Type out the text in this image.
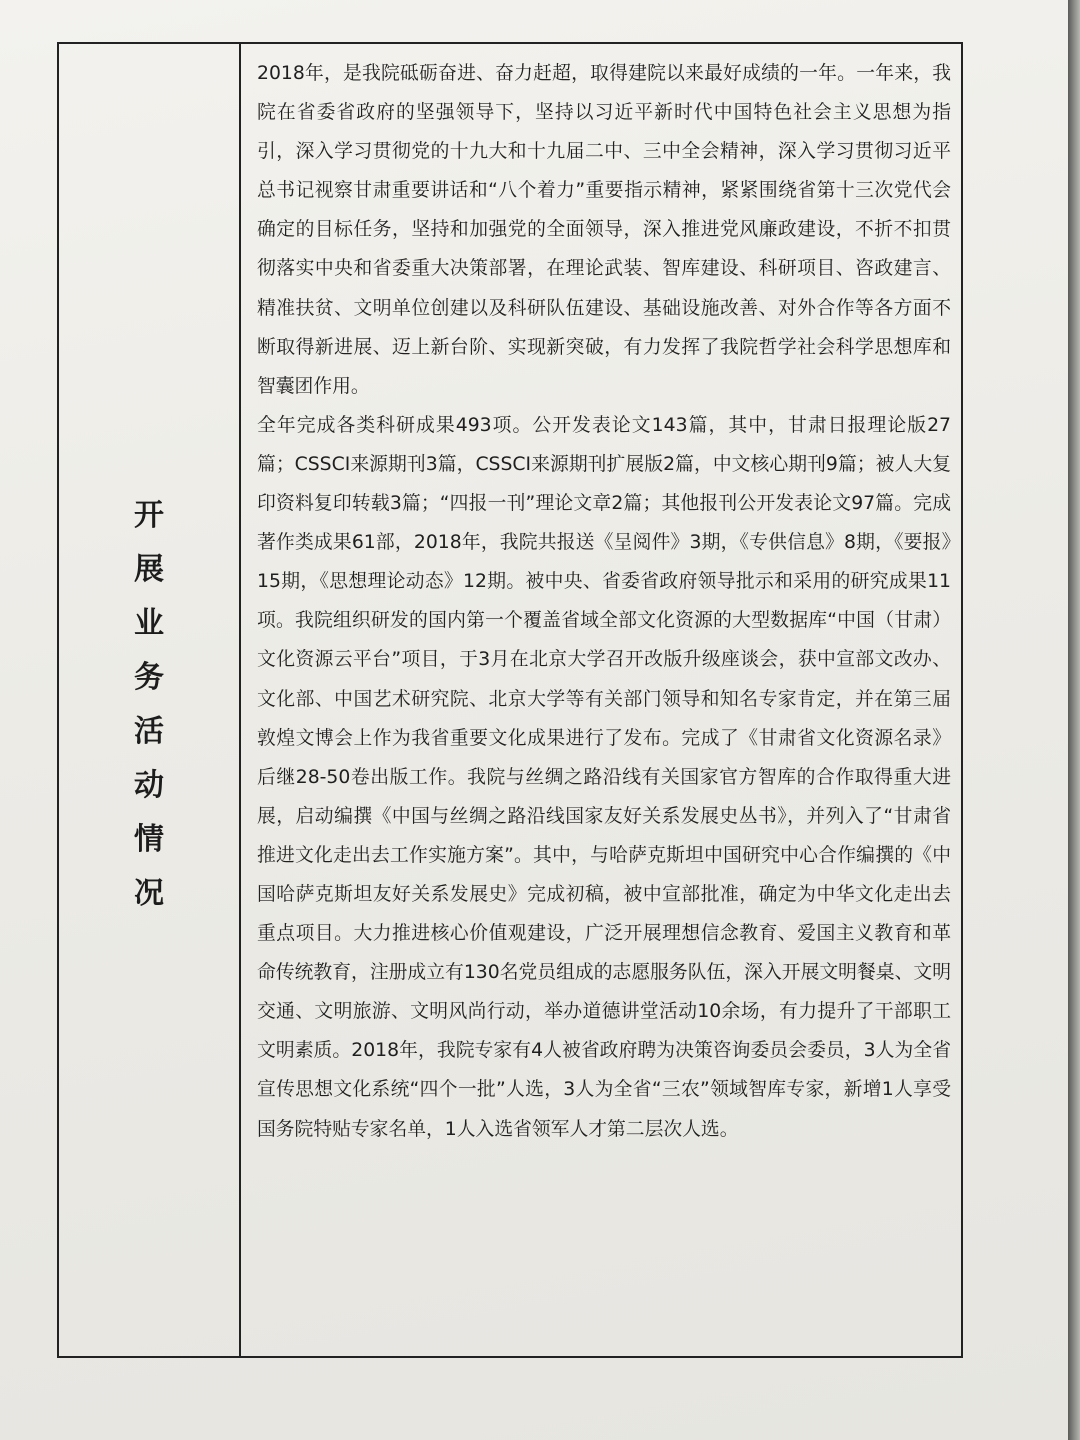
开
展
业
务
活
动
情
况

2018年，是我院砥砺奋进、奋力赶超，取得建院以来最好成绩的一年。一年来，我院在省委省政府的坚强领导下，坚持以习近平新时代中国特色社会主义思想为指引，深入学习贯彻党的十九大和十九届二中、三中全会精神，深入学习贯彻习近平总书记视察甘肃重要讲话和“八个着力”重要指示精神，紧紧围绕省第十三次党代会确定的目标任务，坚持和加强党的全面领导，深入推进党风廉政建设，不折不扣贯彻落实中央和省委重大决策部署，在理论武装、智库建设、科研项目、咨政建言、精准扶贫、文明单位创建以及科研队伍建设、基础设施改善、对外合作等各方面不断取得新进展、迈上新台阶、实现新突破，有力发挥了我院哲学社会科学思想库和智囊团作用。

全年完成各类科研成果493项。公开发表论文143篇，其中，甘肃日报理论版27篇；CSSCI来源期刊3篇，CSSCI来源期刊扩展版2篇，中文核心期刊9篇；被人大复印资料复印转载3篇；“四报一刊”理论文章2篇；其他报刊公开发表论文97篇。完成著作类成果61部，2018年，我院共报送《呈阅件》3期，《专供信息》8期，《要报》15期，《思想理论动态》12期。被中央、省委省政府领导批示和采用的研究成果11项。我院组织研发的国内第一个覆盖省域全部文化资源的大型数据库“中国（甘肃）文化资源云平台”项目，于3月在北京大学召开改版升级座谈会，获中宣部文改办、文化部、中国艺术研究院、北京大学等有关部门领导和知名专家肯定，并在第三届敦煌文博会上作为我省重要文化成果进行了发布。完成了《甘肃省文化资源名录》后继28-50卷出版工作。我院与丝绸之路沿线有关国家官方智库的合作取得重大进展，启动编撰《中国与丝绸之路沿线国家友好关系发展史丛书》，并列入了“甘肃省推进文化走出去工作实施方案”。其中，与哈萨克斯坦中国研究中心合作编撰的《中国哈萨克斯坦友好关系发展史》完成初稿，被中宣部批准，确定为中华文化走出去重点项目。大力推进核心价值观建设，广泛开展理想信念教育、爱国主义教育和革命传统教育，注册成立有130名党员组成的志愿服务队伍，深入开展文明餐桌、文明交通、文明旅游、文明风尚行动，举办道德讲堂活动10余场，有力提升了干部职工文明素质。2018年，我院专家有4人被省政府聘为决策咨询委员会委员，3人为全省宣传思想文化系统“四个一批”人选，3人为全省“三农”领域智库专家，新增1人享受国务院特贴专家名单，1人入选省领军人才第二层次人选。
